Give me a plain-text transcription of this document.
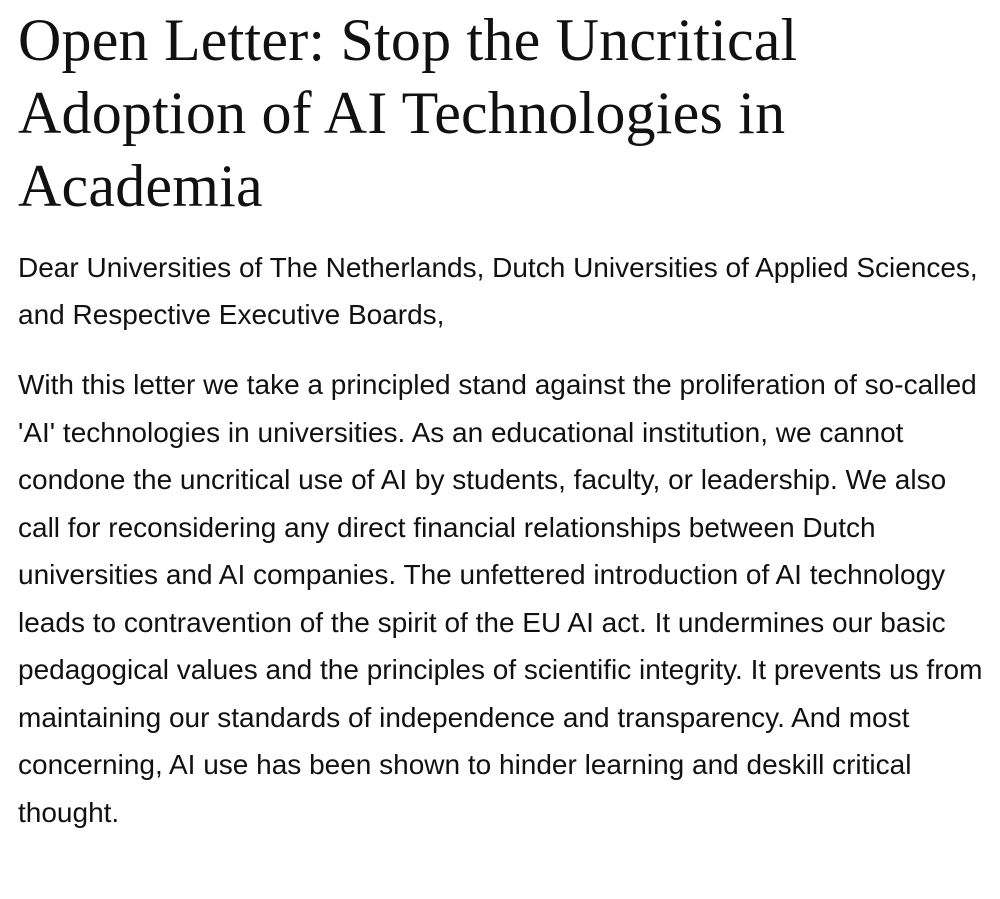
Open Letter: Stop the Uncritical Adoption of AI Technologies in Academia

Dear Universities of The Netherlands, Dutch Universities of Applied Sciences, and Respective Executive Boards,

With this letter we take a principled stand against the proliferation of so-called 'AI' technologies in universities. As an educational institution, we cannot condone the uncritical use of AI by students, faculty, or leadership. We also call for reconsidering any direct financial relationships between Dutch universities and AI companies. The unfettered introduction of AI technology leads to contravention of the spirit of the EU AI act. It undermines our basic pedagogical values and the principles of scientific integrity. It prevents us from maintaining our standards of independence and transparency. And most concerning, AI use has been shown to hinder learning and deskill critical thought.
